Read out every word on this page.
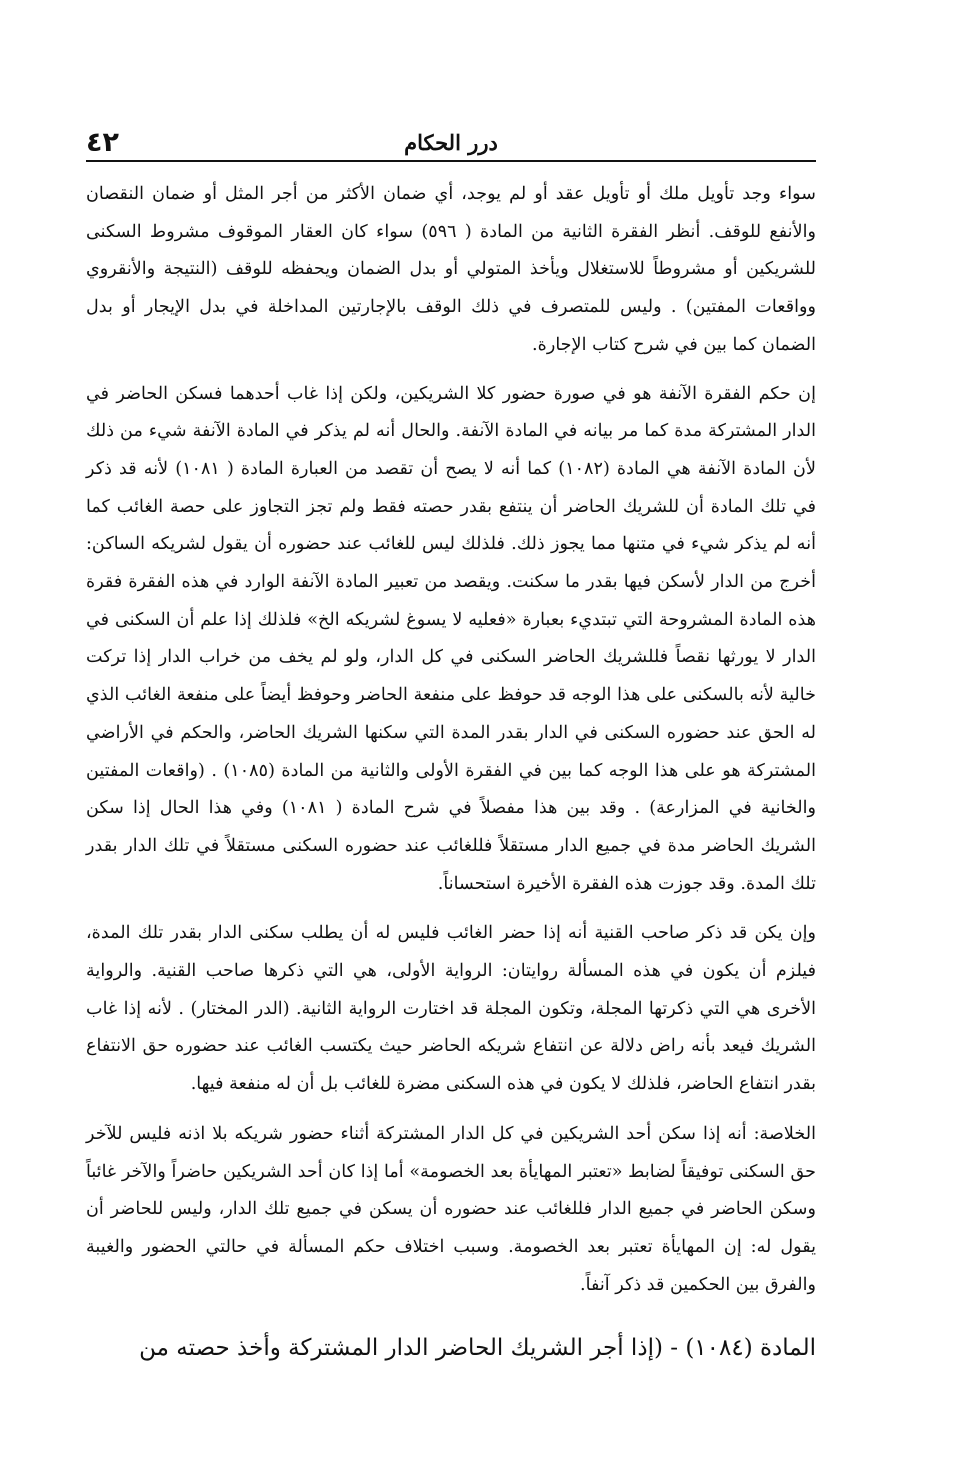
٤٢	درر الحكام

سواء وجد تأويل ملك أو تأويل عقد أو لم يوجد، أي ضمان الأكثر من أجر المثل أو ضمان النقصان والأنفع للوقف. أنظر الفقرة الثانية من المادة ( ٥٩٦) سواء كان العقار الموقوف مشروط السكنى للشريكين أو مشروطاً للاستغلال ويأخذ المتولي أو بدل الضمان ويحفظه للوقف (النتيجة والأنقروي وواقعات المفتين) . وليس للمتصرف في ذلك الوقف بالإجارتين المداخلة في بدل الإيجار أو بدل الضمان كما بين في شرح كتاب الإجارة.

إن حكم الفقرة الآنفة هو في صورة حضور كلا الشريكين، ولكن إذا غاب أحدهما فسكن الحاضر في الدار المشتركة مدة كما مر بيانه في المادة الآنفة. والحال أنه لم يذكر في المادة الآنفة شيء من ذلك لأن المادة الآنفة هي المادة (١٠٨٢) كما أنه لا يصح أن تقصد من العبارة المادة ( ١٠٨١) لأنه قد ذكر في تلك المادة أن للشريك الحاضر أن ينتفع بقدر حصته فقط ولم تجز التجاوز على حصة الغائب كما أنه لم يذكر شيء في متنها مما يجوز ذلك. فلذلك ليس للغائب عند حضوره أن يقول لشريكه الساكن: أخرج من الدار لأسكن فيها بقدر ما سكنت. ويقصد من تعبير المادة الآنفة الوارد في هذه الفقرة فقرة هذه المادة المشروحة التي تبتديء بعبارة «فعليه لا يسوغ لشريكه الخ» فلذلك إذا علم أن السكنى في الدار لا يورثها نقصاً فللشريك الحاضر السكنى في كل الدار، ولو لم يخف من خراب الدار إذا تركت خالية لأنه بالسكنى على هذا الوجه قد حوفظ على منفعة الحاضر وحوفظ أيضاً على منفعة الغائب الذي له الحق عند حضوره السكنى في الدار بقدر المدة التي سكنها الشريك الحاضر، والحكم في الأراضي المشتركة هو على هذا الوجه كما بين في الفقرة الأولى والثانية من المادة (١٠٨٥) . (واقعات المفتين والخانية في المزارعة) . وقد بين هذا مفصلاً في شرح المادة ( ١٠٨١) وفي هذا الحال إذا سكن الشريك الحاضر مدة في جميع الدار مستقلاً فللغائب عند حضوره السكنى مستقلاً في تلك الدار بقدر تلك المدة. وقد جوزت هذه الفقرة الأخيرة استحساناً.

وإن يكن قد ذكر صاحب القنية أنه إذا حضر الغائب فليس له أن يطلب سكنى الدار بقدر تلك المدة، فيلزم أن يكون في هذه المسألة روايتان: الرواية الأولى، هي التي ذكرها صاحب القنية. والرواية الأخرى هي التي ذكرتها المجلة، وتكون المجلة قد اختارت الرواية الثانية. (الدر المختار) . لأنه إذا غاب الشريك فيعد بأنه راض دلالة عن انتفاع شريكه الحاضر حيث يكتسب الغائب عند حضوره حق الانتفاع بقدر انتفاع الحاضر، فلذلك لا يكون في هذه السكنى مضرة للغائب بل أن له منفعة فيها.

الخلاصة: أنه إذا سكن أحد الشريكين في كل الدار المشتركة أثناء حضور شريكه بلا اذنه فليس للآخر حق السكنى توفيقاً لضابط «تعتبر المهايأة بعد الخصومة» أما إذا كان أحد الشريكين حاضراً والآخر غائباً وسكن الحاضر في جميع الدار فللغائب عند حضوره أن يسكن في جميع تلك الدار، وليس للحاضر أن يقول له: إن المهايأة تعتبر بعد الخصومة. وسبب اختلاف حكم المسألة في حالتي الحضور والغيبة والفرق بين الحكمين قد ذكر آنفاً.

المادة (١٠٨٤) - (إذا أجر الشريك الحاضر الدار المشتركة وأخذ حصته من
